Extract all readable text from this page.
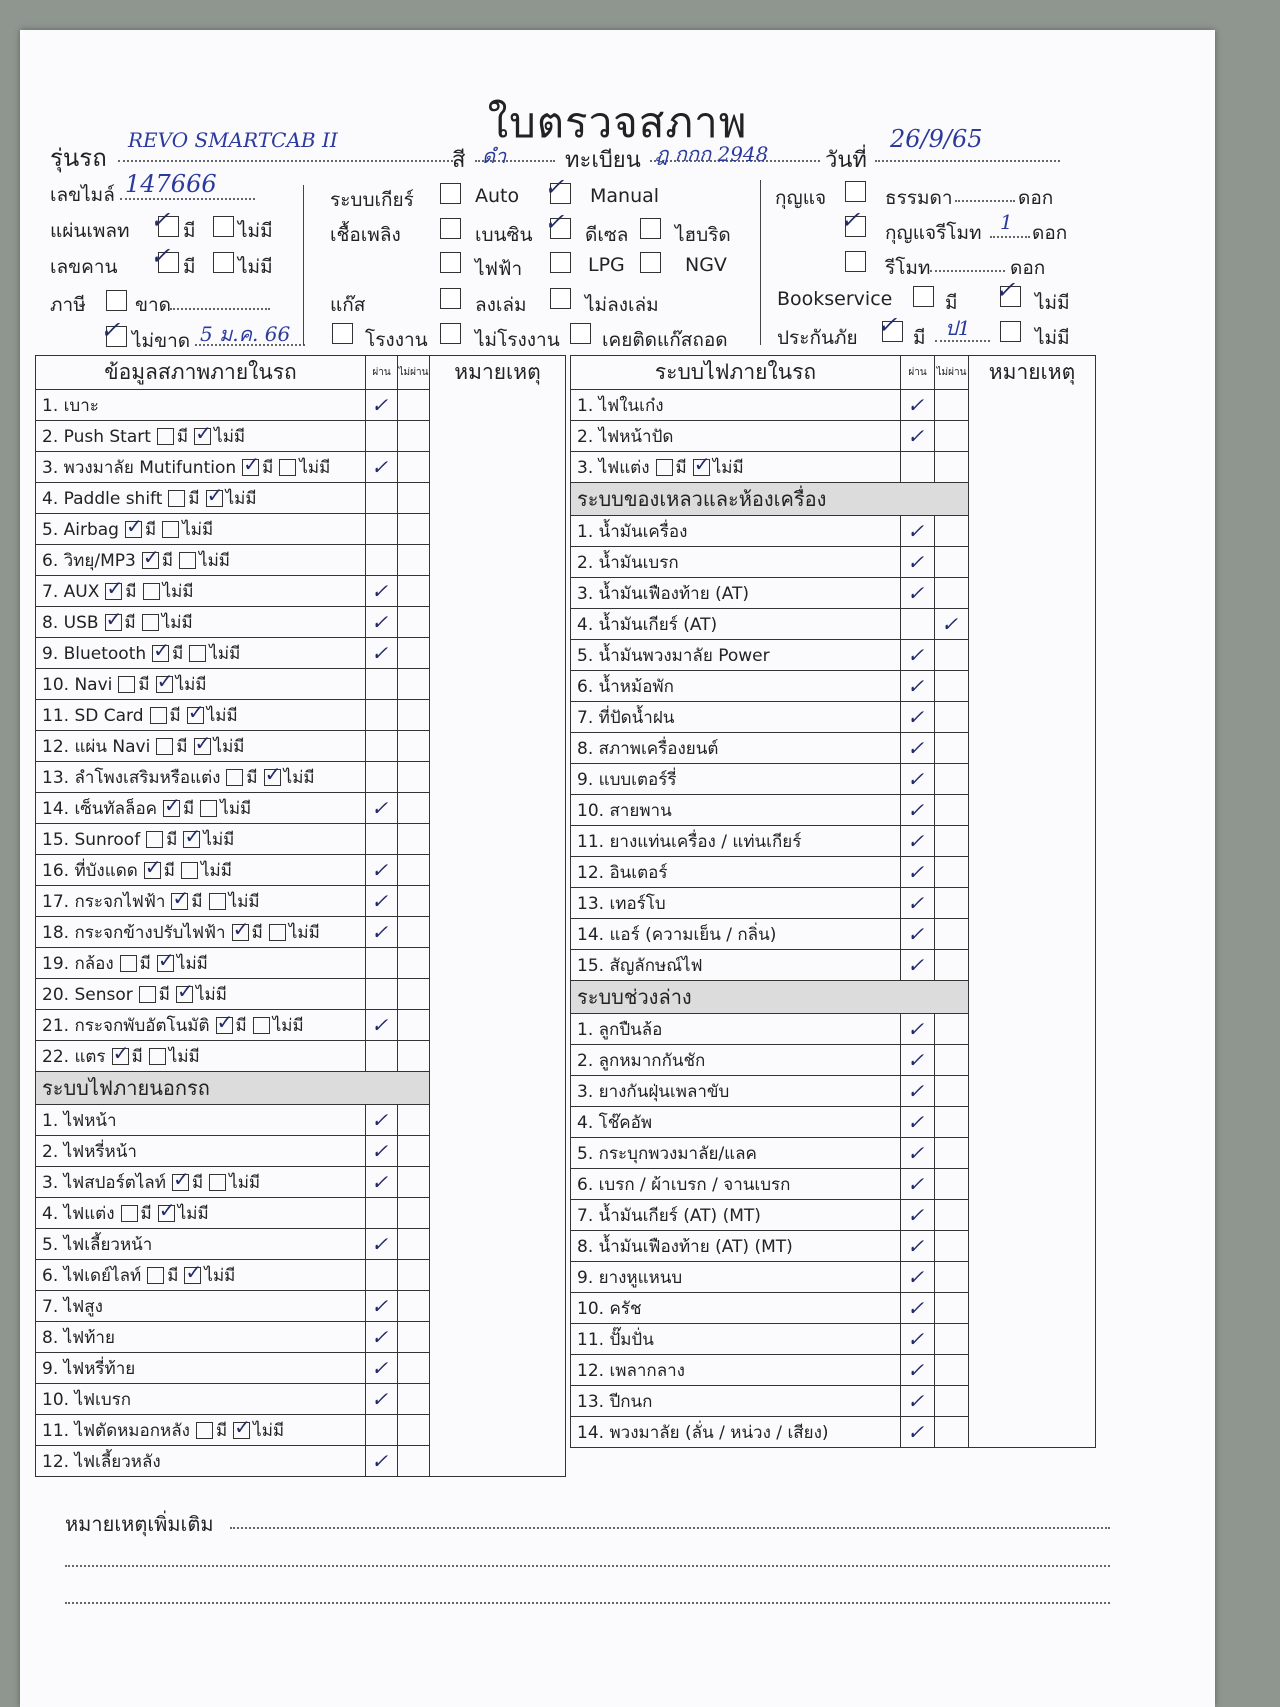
ใบตรวจสภาพ
รุ่นรถ
REVO SMARTCAB II
สี ดำ	ทะเบียน ฎ กกก 2948	วันที่
26/9/65
เลขไมล์ 147666
แผ่นเพลท ✓ มี ไม่มี
เลขคาน ✓ มี ไม่มี
ภาษี	ขาด
✓ ไม่ขาด 5 ม.ค. 66
ระบบเกียร์	Auto ✓ Manual
เชื้อเพลิง	เบนซิน ✓ ดีเซล ไฮบริด
ไฟฟ้า	LPG	NGV
แก๊ส	ลงเล่ม	ไม่ลงเล่ม
โรงงาน ไม่โรงงาน เคยติดแก๊สถอด
กุญแจ	ธรรมดา	ดอก
✓ กุญแจรีโมท 1 ดอก
รีโมท	ดอก
Bookservice	มี ✓ ไม่มี
ประกันภัย ✓ มี ป1	ไม่มี
ข้อมูลสภาพภายในรถ	ผ่าน	ไม่ผ่าน	หมายเหตุ
1. เบาะ	✓		
2. Push Start มี ✓ ไม่มี		
3. พวงมาลัย Mutifuntion ✓ มี ไม่มี	✓		
4. Paddle shift มี ✓ ไม่มี		
5. Airbag ✓ มี ไม่มี		
6. วิทยุ/MP3 ✓ มี ไม่มี		
7. AUX ✓ มี ไม่มี	✓		
8. USB ✓ มี ไม่มี	✓		
9. Bluetooth ✓ มี ไม่มี	✓		
10. Navi มี ✓ ไม่มี		
11. SD Card มี ✓ ไม่มี		
12. แผ่น Navi มี ✓ ไม่มี		
13. ลำโพงเสริมหรือแต่ง มี ✓ ไม่มี		
14. เซ็นทัลล็อค ✓ มี ไม่มี	✓		
15. Sunroof มี ✓ ไม่มี		
16. ที่บังแดด ✓ มี ไม่มี	✓		
17. กระจกไฟฟ้า ✓ มี ไม่มี	✓		
18. กระจกข้างปรับไฟฟ้า ✓ มี ไม่มี	✓		
19. กล้อง มี ✓ ไม่มี		
20. Sensor มี ✓ ไม่มี		
21. กระจกพับอัตโนมัติ ✓ มี ไม่มี	✓		
22. แตร ✓ มี ไม่มี		
ระบบไฟภายนอกรถ			
1. ไฟหน้า	✓		
2. ไฟหรี่หน้า	✓		
3. ไฟสปอร์ตไลท์ ✓ มี ไม่มี	✓		
4. ไฟแต่ง มี ✓ ไม่มี		
5. ไฟเลี้ยวหน้า	✓		
6. ไฟเดย์ไลท์ มี ✓ ไม่มี		
7. ไฟสูง	✓		
8. ไฟท้าย	✓		
9. ไฟหรี่ท้าย	✓		
10. ไฟเบรก	✓		
11. ไฟตัดหมอกหลัง มี ✓ ไม่มี		
12. ไฟเลี้ยวหลัง	✓		
ระบบไฟภายในรถ	ผ่าน	ไม่ผ่าน	หมายเหตุ
1. ไฟในเก๋ง	✓		
2. ไฟหน้าปัด	✓		
3. ไฟแต่ง มี ✓ ไม่มี		
ระบบของเหลวและห้องเครื่อง			
1. น้ำมันเครื่อง	✓		
2. น้ำมันเบรก	✓		
3. น้ำมันเฟืองท้าย (AT)	✓		
4. น้ำมันเกียร์ (AT)		✓	
5. น้ำมันพวงมาลัย Power	✓		
6. น้ำหม้อพัก	✓		
7. ที่ปัดน้ำฝน	✓		
8. สภาพเครื่องยนต์	✓		
9. แบบเตอร์รี่	✓		
10. สายพาน	✓		
11. ยางแท่นเครื่อง / แท่นเกียร์	✓		
12. อินเตอร์	✓		
13. เทอร์โบ	✓		
14. แอร์ (ความเย็น / กลิ่น)	✓		
15. สัญลักษณ์ไฟ	✓		
ระบบช่วงล่าง			
1. ลูกปืนล้อ	✓		
2. ลูกหมากกันชัก	✓		
3. ยางกันฝุ่นเพลาขับ	✓		
4. โช๊คอัพ	✓		
5. กระบุกพวงมาลัย/แลค	✓		
6. เบรก / ผ้าเบรก / จานเบรก	✓		
7. น้ำมันเกียร์ (AT) (MT)	✓		
8. น้ำมันเฟืองท้าย (AT) (MT)	✓		
9. ยางหูแหนบ	✓		
10. ครัช	✓		
11. ปั๊มปั่น	✓		
12. เพลากลาง	✓		
13. ปีกนก	✓		
14. พวงมาลัย (ลั่น / หน่วง / เสียง)	✓		
หมายเหตุเพิ่มเติม
